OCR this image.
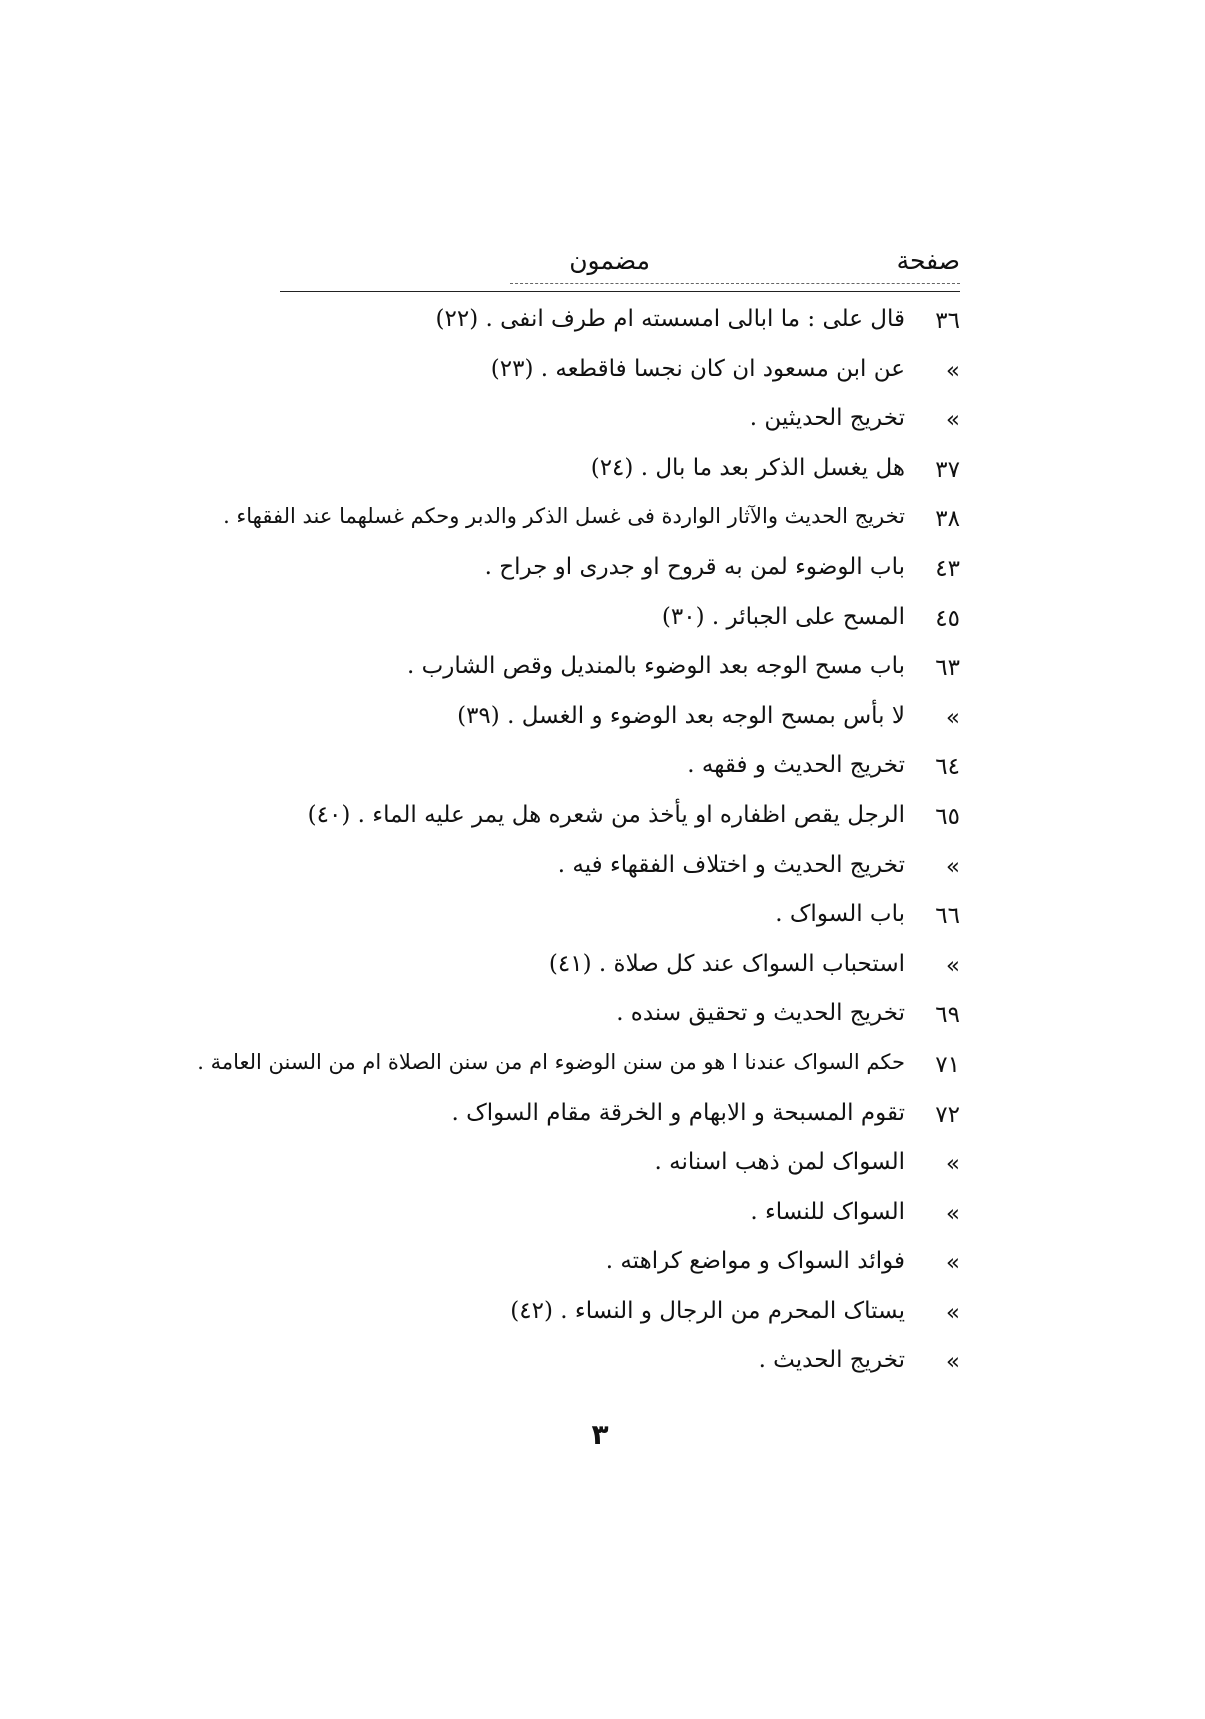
صفحة
مضمون
٣٦
قال علی : ما ابالی امسسته ام طرف انفی . (٢٢)
»
عن ابن مسعود ان کان نجسا فاقطعه . (٢٣)
»
تخریج الحدیثین .
٣٧
هل یغسل الذکر بعد ما بال . (٢٤)
٣٨
تخریج الحدیث والآثار الواردة فی غسل الذکر والدبر وحکم غسلهما عند الفقهاء .
٤٣
باب الوضوء لمن به قروح او جدری او جراح .
٤٥
المسح علی الجبائر . (٣٠)
٦٣
باب مسح الوجه بعد الوضوء بالمندیل وقص الشارب .
»
لا بأس بمسح الوجه بعد الوضوء و الغسل . (٣٩)
٦٤
تخریج الحدیث و فقهه .
٦٥
الرجل یقص اظفاره او یأخذ من شعره هل یمر علیه الماء . (٤٠)
»
تخریج الحدیث و اختلاف الفقهاء فیه .
٦٦
باب السواک .
»
استحباب السواک عند کل صلاة . (٤١)
٦٩
تخریج الحدیث و تحقیق سنده .
٧١
حکم السواک عندنا ا هو من سنن الوضوء ام من سنن الصلاة ام من السنن العامة .
٧٢
تقوم المسبحة و الابهام و الخرقة مقام السواک .
»
السواک لمن ذهب اسنانه .
»
السواک للنساء .
»
فوائد السواک و مواضع کراهته .
»
یستاک المحرم من الرجال و النساء . (٤٢)
»
تخریج الحدیث .
٣
